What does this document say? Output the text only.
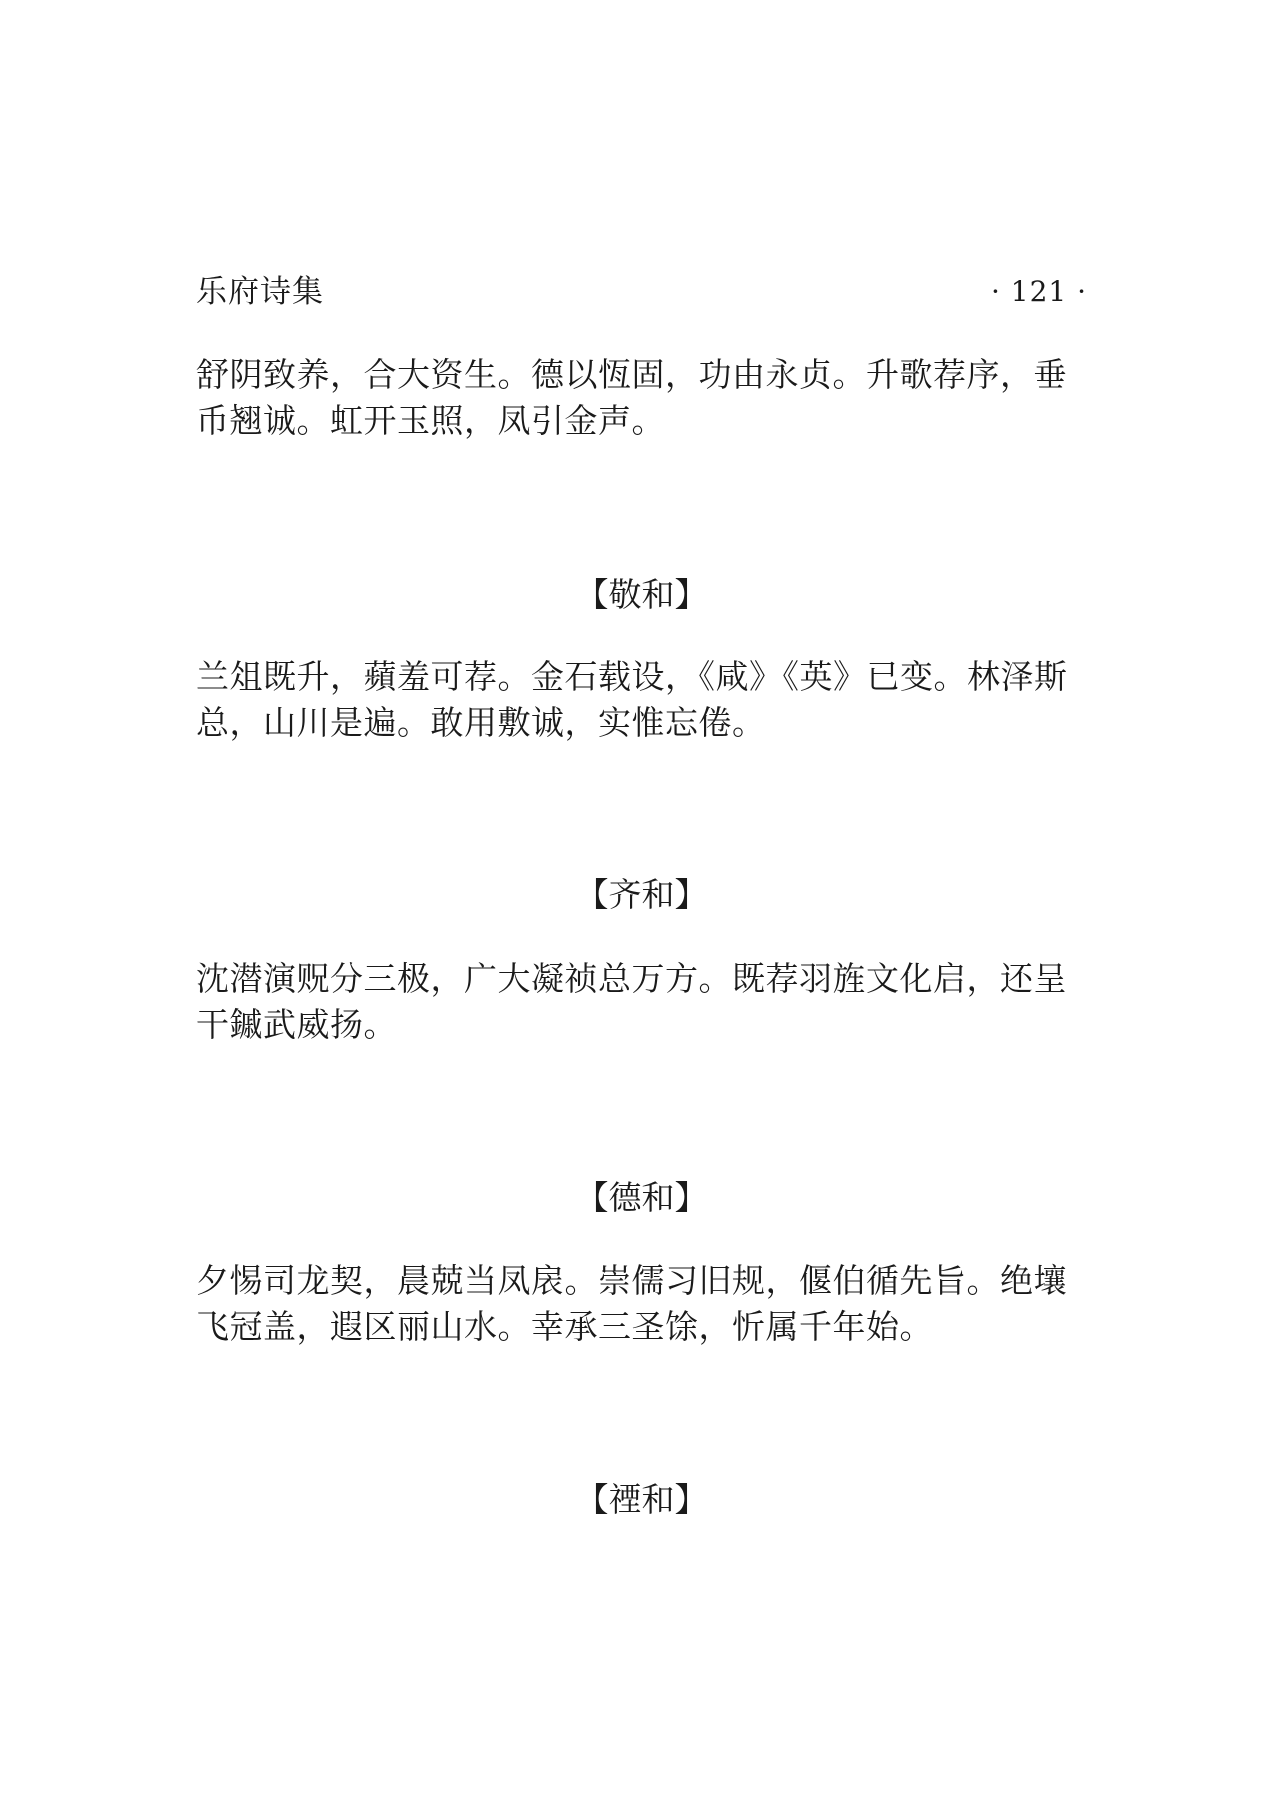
乐府诗集	· 121 ·

舒阴致养，合大资生。德以恆固，功由永贞。升歌荐序，垂币翘诚。虹开玉照，凤引金声。

【敬和】

兰俎既升，蘋羞可荐。金石载设，《咸》《英》已变。林泽斯总，山川是遍。敢用敷诚，实惟忘倦。

【齐和】

沈潜演贶分三极，广大凝祯总万方。既荐羽旌文化启，还呈干鏚武威扬。

【德和】

夕惕司龙契，晨兢当凤扆。崇儒习旧规，偃伯循先旨。绝壤飞冠盖，遐区丽山水。幸承三圣馀，忻属千年始。

【禋和】
